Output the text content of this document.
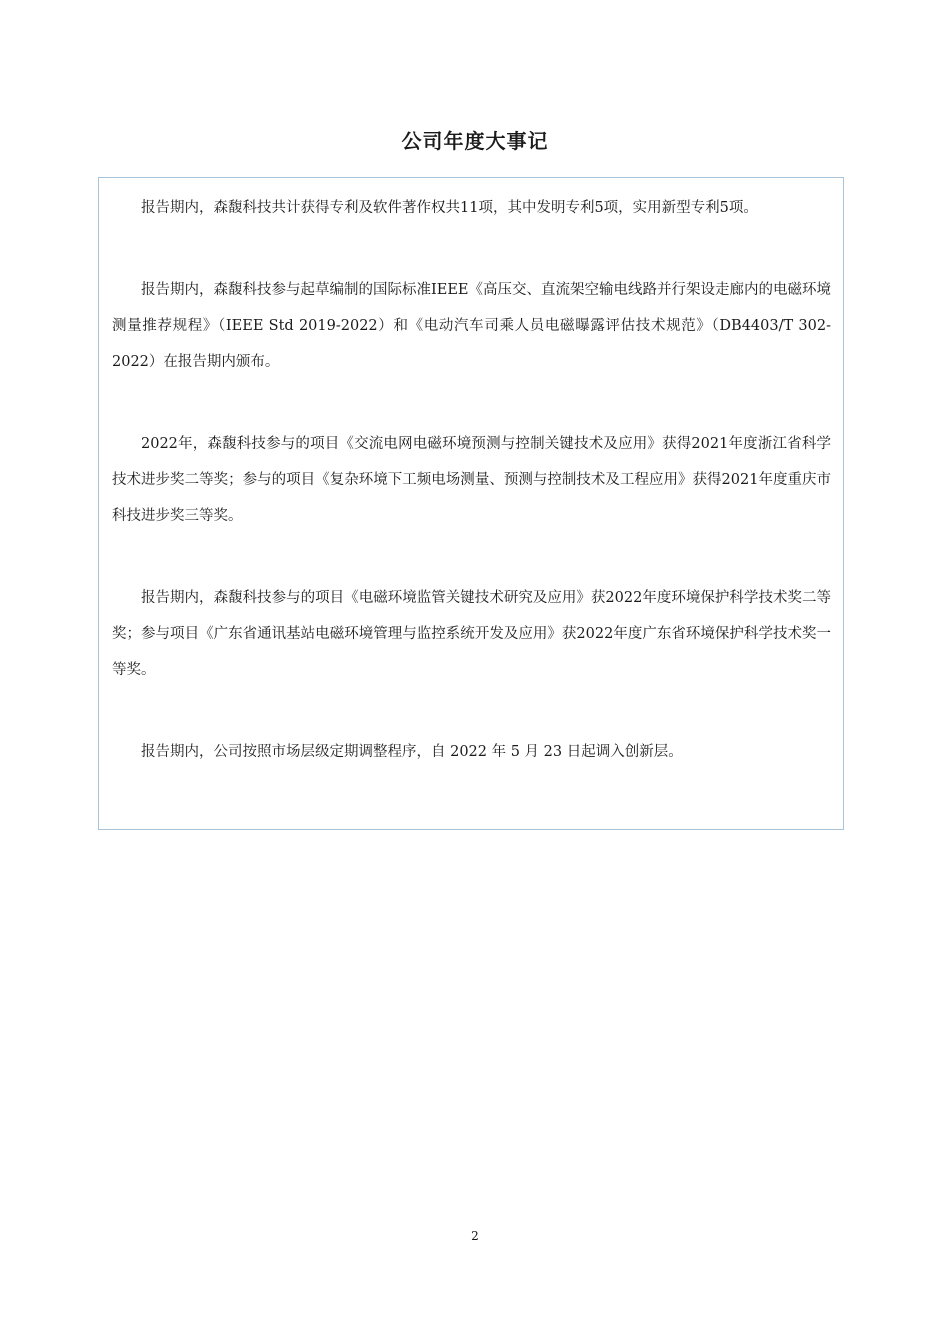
公司年度大事记

报告期内，森馥科技共计获得专利及软件著作权共11项，其中发明专利5项，实用新型专利5项。

报告期内，森馥科技参与起草编制的国际标准IEEE《高压交、直流架空输电线路并行架设走廊内的电磁环境测量推荐规程》（IEEE Std 2019-2022）和《电动汽车司乘人员电磁曝露评估技术规范》（DB4403/T 302-2022）在报告期内颁布。

2022年，森馥科技参与的项目《交流电网电磁环境预测与控制关键技术及应用》获得2021年度浙江省科学技术进步奖二等奖；参与的项目《复杂环境下工频电场测量、预测与控制技术及工程应用》获得2021年度重庆市科技进步奖三等奖。

报告期内，森馥科技参与的项目《电磁环境监管关键技术研究及应用》获2022年度环境保护科学技术奖二等奖；参与项目《广东省通讯基站电磁环境管理与监控系统开发及应用》获2022年度广东省环境保护科学技术奖一等奖。

报告期内，公司按照市场层级定期调整程序，自 2022 年 5 月 23 日起调入创新层。

2
